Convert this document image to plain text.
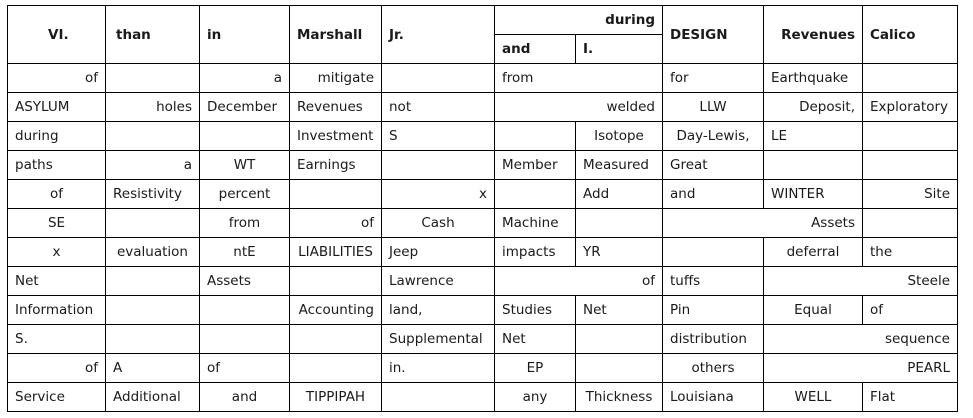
VI.	than	in	Marshall	Jr.	during		DESIGN	Revenues	Calico
					and	I.			
of		a	mitigate		from		for	Earthquake	
ASYLUM	holes	December	Revenues	not	welded		LLW	Deposit,	Exploratory
during			Investment	S		Isotope	Day-Lewis,	LE	
paths	a	WT	Earnings		Member	Measured	Great		
of	Resistivity	percent		x		Add	and	WINTER	Site
SE		from	of	Cash	Machine		Assets		
x	evaluation	ntE	LIABILITIES	Jeep	impacts	YR		deferral	the
Net		Assets		Lawrence	of		tuffs	Steele	
Information			Accounting	land,	Studies	Net	Pin	Equal	of
S.				Supplemental	Net		distribution	sequence	
of	A	of		in.	EP		others	PEARL	
Service	Additional	and	TIPPIPAH		any	Thickness	Louisiana	WELL	Flat
